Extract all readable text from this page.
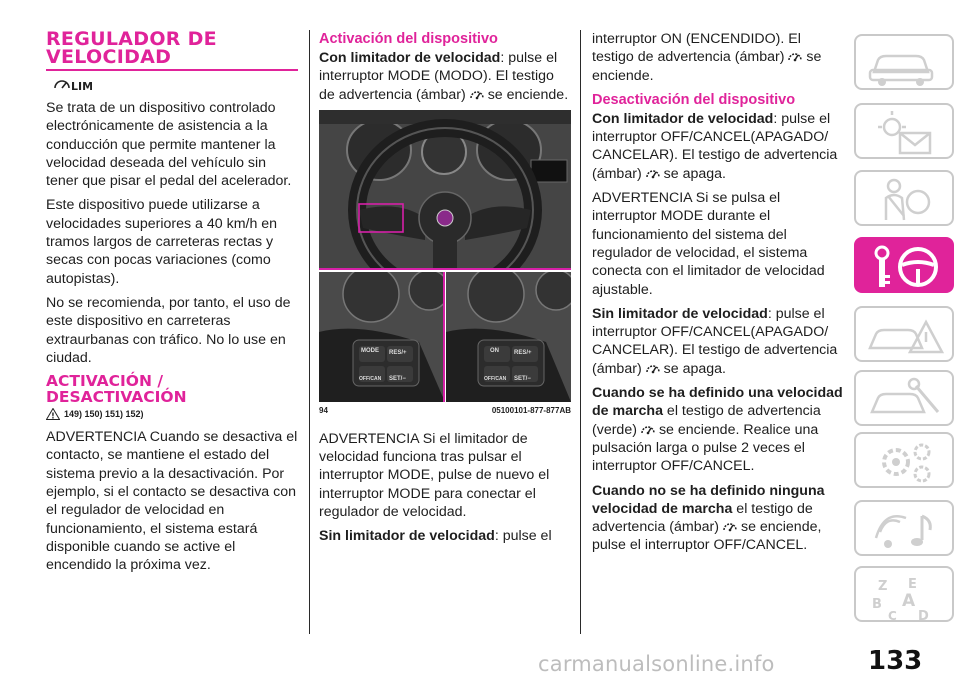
REGULADOR DE VELOCIDAD
LIM
Se trata de un dispositivo controlado electrónicamente de asistencia a la conducción que permite mantener la velocidad deseada del vehículo sin tener que pisar el pedal del acelerador.
Este dispositivo puede utilizarse a velocidades superiores a 40 km/h en tramos largos de carreteras rectas y secas con pocas variaciones (como autopistas).
No se recomienda, por tanto, el uso de este dispositivo en carreteras extraurbanas con tráfico. No lo use en ciudad.
ACTIVACIÓN / DESACTIVACIÓN
! 149) 150) 151) 152)
ADVERTENCIA Cuando se desactiva el contacto, se mantiene el estado del sistema previo a la desactivación. Por ejemplo, si el contacto se desactiva con el regulador de velocidad en funcionamiento, el sistema estará disponible cuando se active el encendido la próxima vez.
Activación del dispositivo
Con limitador de velocidad: pulse el interruptor MODE (MODO). El testigo de advertencia (ámbar) se enciende.
MODE RES/+
OFF/CAN SET/−
ON	RES/+
OFF/CAN SET/−
94	05100101-877-877AB
ADVERTENCIA Si el limitador de velocidad funciona tras pulsar el interruptor MODE, pulse de nuevo el interruptor MODE para conectar el regulador de velocidad.
Sin limitador de velocidad: pulse el
interruptor ON (ENCENDIDO). El testigo de advertencia (ámbar) se enciende.
Desactivación del dispositivo
Con limitador de velocidad: pulse el interruptor OFF/CANCEL(APAGADO/ CANCELAR). El testigo de advertencia (ámbar) se apaga.
ADVERTENCIA Si se pulsa el interruptor MODE durante el funcionamiento del sistema del regulador de velocidad, el sistema conecta con el limitador de velocidad ajustable.
Sin limitador de velocidad: pulse el interruptor OFF/CANCEL(APAGADO/ CANCELAR). El testigo de advertencia (ámbar) se apaga.
Cuando se ha definido una velocidad de marcha el testigo de advertencia (verde) se enciende. Realice una pulsación larga o pulse 2 veces el interruptor OFF/CANCEL.
Cuando no se ha definido ninguna velocidad de marcha el testigo de advertencia (ámbar) se enciende, pulse el interruptor OFF/CANCEL.
Z E
B A
C D
carmanualsonline.info	133
